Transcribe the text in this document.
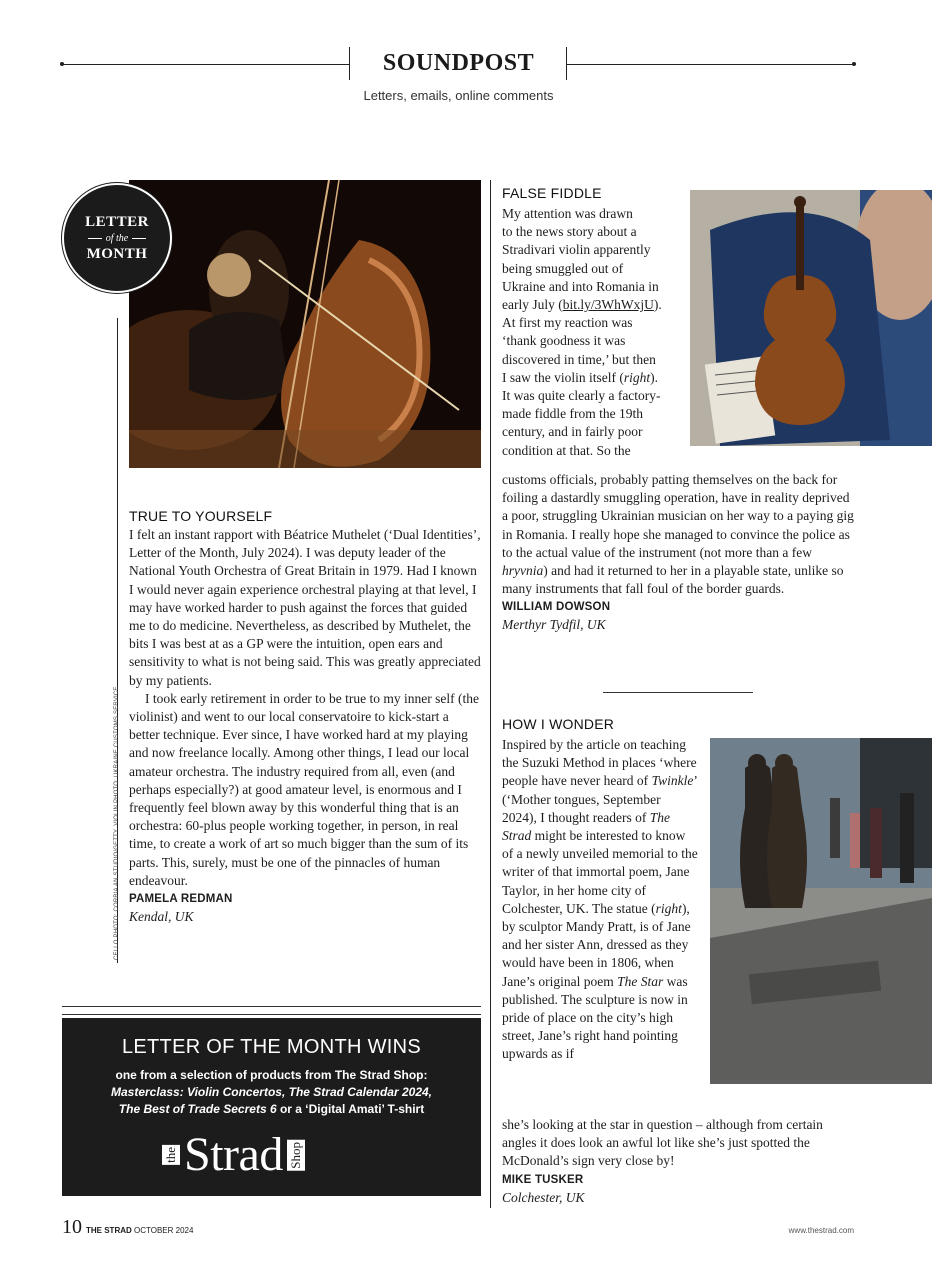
SOUNDPOST
Letters, emails, online comments
LETTER
of the
MONTH
CELLO PHOTO: CORBIA AN STUDIO/GETTY. VIOLIN PHOTO: UKRAINE CUSTOMS SERVICE
TRUE TO YOURSELF

I felt an instant rapport with Béatrice Muthelet (‘Dual Identities’, Letter of the Month, July 2024). I was deputy leader of the National Youth Orchestra of Great Britain in 1979. Had I known I would never again experience orchestral playing at that level, I may have worked harder to push against the forces that guided me to do medicine. Nevertheless, as described by Muthelet, the bits I was best at as a GP were the intuition, open ears and sensitivity to what is not being said. This was greatly appreciated by my patients.

I took early retirement in order to be true to my inner self (the violinist) and went to our local conservatoire to kick-start a better technique. Ever since, I have worked hard at my playing and now freelance locally. Among other things, I lead our local amateur orchestra. The industry required from all, even (and perhaps especially?) at good amateur level, is enormous and I frequently feel blown away by this wonderful thing that is an orchestra: 60-plus people working together, in person, in real time, to create a work of art so much bigger than the sum of its parts. This, surely, must be one of the pinnacles of human endeavour.

PAMELA REDMAN
Kendal, UK
FALSE FIDDLE
My attention was drawn
to the news story about a
Stradivari violin apparently
being smuggled out of
Ukraine and into Romania in
early July (bit.ly/3WhWxjU).
At first my reaction was
‘thank goodness it was
discovered in time,’ but then
I saw the violin itself (right).
It was quite clearly a factory-
made fiddle from the 19th
century, and in fairly poor
condition at that. So the

customs officials, probably patting themselves on the back for foiling a dastardly smuggling operation, have in reality deprived a poor, struggling Ukrainian musician on her way to a paying gig in Romania. I really hope she managed to convince the police as to the actual value of the instrument (not more than a few hryvnia) and had it returned to her in a playable state, unlike so many instruments that fall foul of the border guards.

WILLIAM DOWSON
Merthyr Tydfil, UK
HOW I WONDER

Inspired by the article on teaching the Suzuki Method in places ‘where people have never heard of Twinkle’ (‘Mother tongues, September 2024), I thought readers of The Strad might be interested to know of a newly unveiled memorial to the writer of that immortal poem, Jane Taylor, in her home city of Colchester, UK. The statue (right), by sculptor Mandy Pratt, is of Jane and her sister Ann, dressed as they would have been in 1806, when Jane’s original poem The Star was published. The sculpture is now in pride of place on the city’s high street, Jane’s right hand pointing upwards as if

she’s looking at the star in question – although from certain angles it does look an awful lot like she’s just spotted the McDonald’s sign very close by!

MIKE TUSKER
Colchester, UK
LETTER OF THE MONTH WINS
one from a selection of products from The Strad Shop:
Masterclass: Violin Concertos, The Strad Calendar 2024,
The Best of Trade Secrets 6 or a ‘Digital Amati’ T-shirt
the Strad Shop
10 THE STRAD OCTOBER 2024	www.thestrad.com
